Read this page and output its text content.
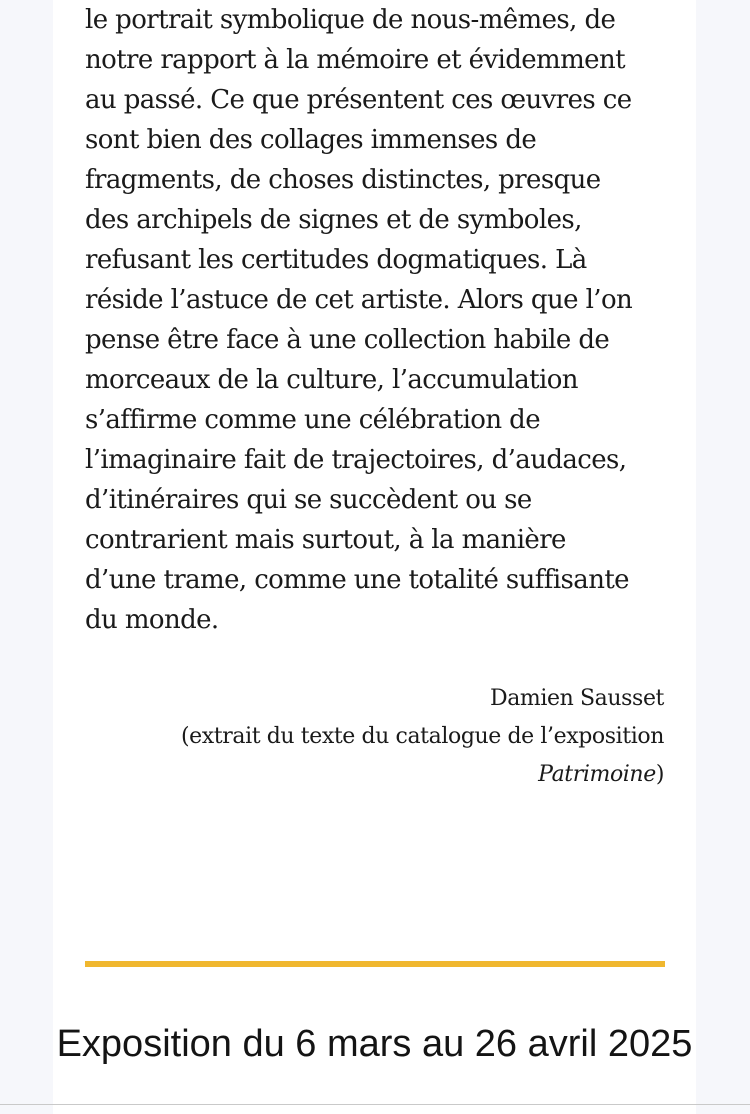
le portrait symbolique de nous-mêmes, de
notre rapport à la mémoire et évidemment
au passé. Ce que présentent ces œuvres ce
sont bien des collages immenses de
fragments, de choses distinctes, presque
des archipels de signes et de symboles,
refusant les certitudes dogmatiques. Là
réside l’astuce de cet artiste. Alors que l’on
pense être face à une collection habile de
morceaux de la culture, l’accumulation
s’affirme comme une célébration de
l’imaginaire fait de trajectoires, d’audaces,
d’itinéraires qui se succèdent ou se
contrarient mais surtout, à la manière
d’une trame, comme une totalité suffisante
du monde.

Damien Sausset
(extrait du texte du catalogue de l’exposition
Patrimoine)
Exposition du 6 mars au 26 avril 2025
